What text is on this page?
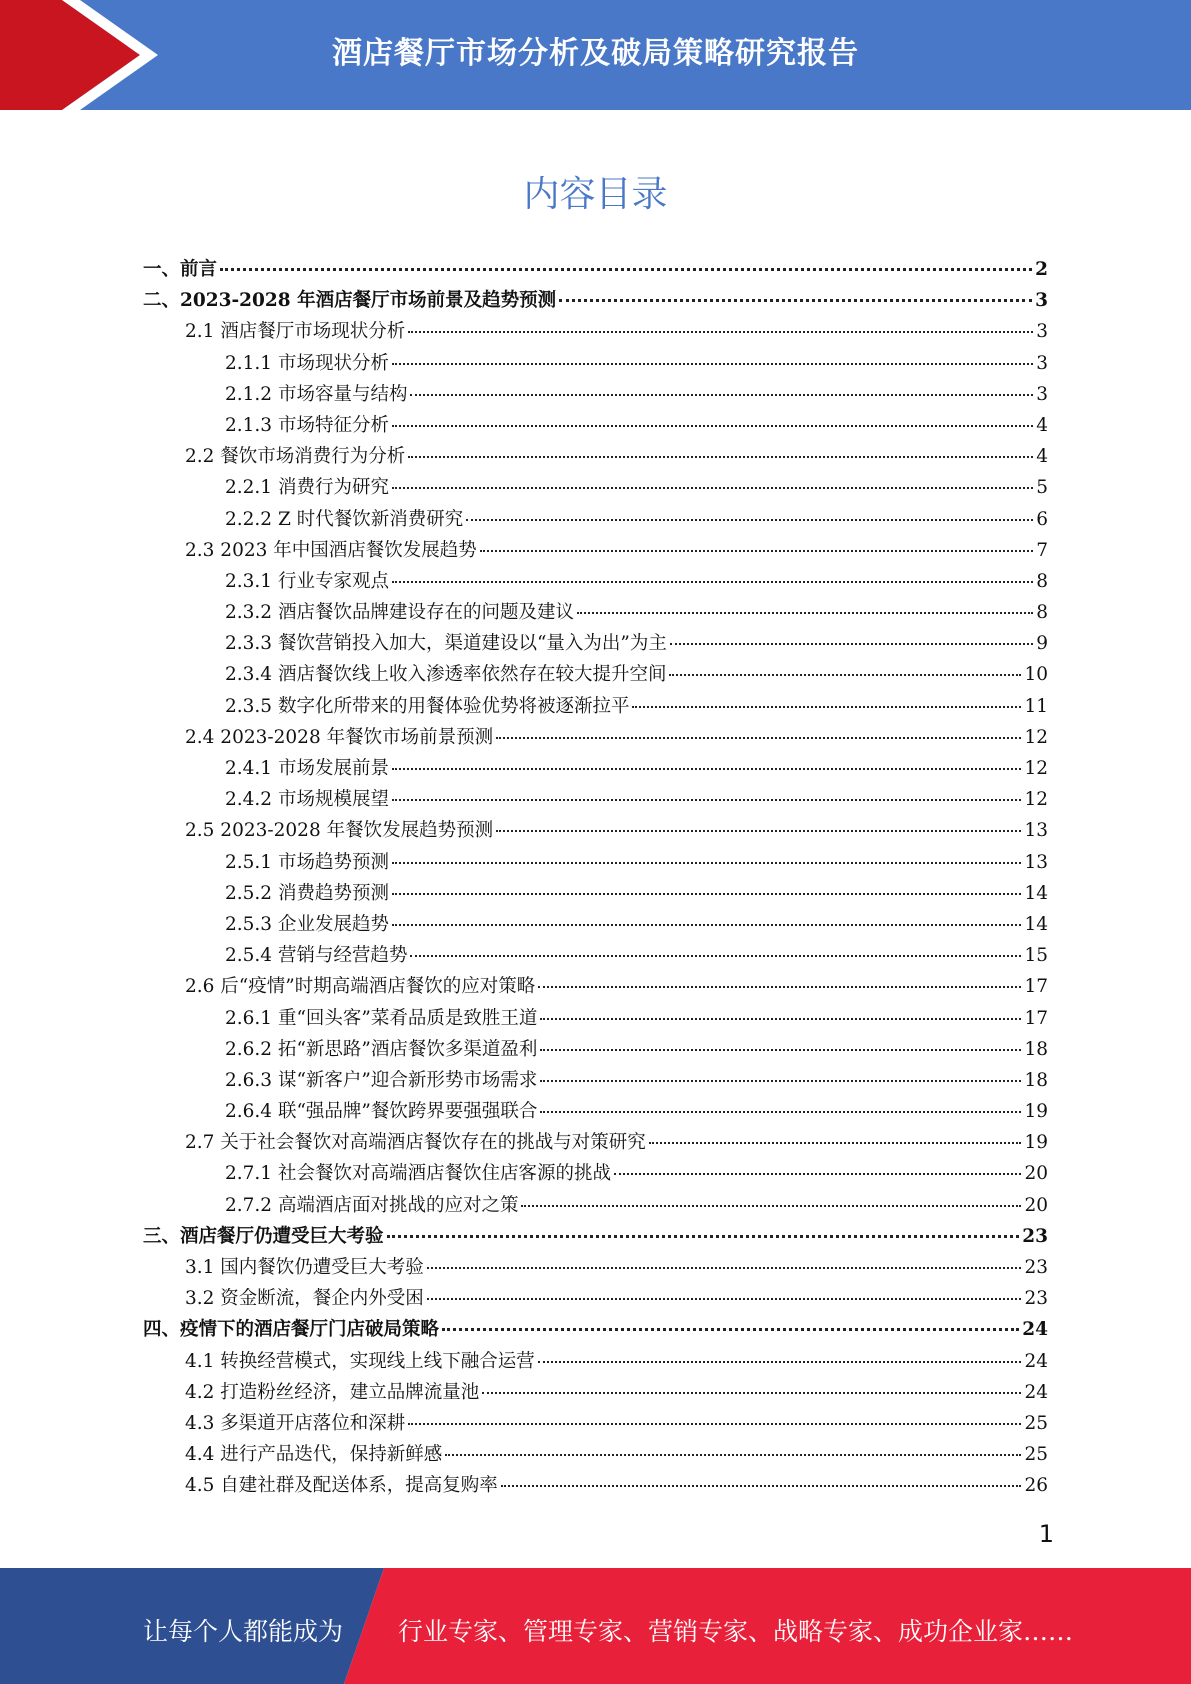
酒店餐厅市场分析及破局策略研究报告
内容目录
一、前言	2
二、2023-2028 年酒店餐厅市场前景及趋势预测	3
2.1 酒店餐厅市场现状分析	3
2.1.1 市场现状分析	3
2.1.2 市场容量与结构	3
2.1.3 市场特征分析	4
2.2 餐饮市场消费行为分析	4
2.2.1 消费行为研究	5
2.2.2 Z 时代餐饮新消费研究	6
2.3 2023 年中国酒店餐饮发展趋势	7
2.3.1 行业专家观点	8
2.3.2 酒店餐饮品牌建设存在的问题及建议	8
2.3.3 餐饮营销投入加大，渠道建设以“量入为出”为主	9
2.3.4 酒店餐饮线上收入渗透率依然存在较大提升空间	10
2.3.5 数字化所带来的用餐体验优势将被逐渐拉平	11
2.4 2023-2028 年餐饮市场前景预测	12
2.4.1 市场发展前景	12
2.4.2 市场规模展望	12
2.5 2023-2028 年餐饮发展趋势预测	13
2.5.1 市场趋势预测	13
2.5.2 消费趋势预测	14
2.5.3 企业发展趋势	14
2.5.4 营销与经营趋势	15
2.6 后“疫情”时期高端酒店餐饮的应对策略	17
2.6.1 重“回头客”菜肴品质是致胜王道	17
2.6.2 拓“新思路”酒店餐饮多渠道盈利	18
2.6.3 谋“新客户”迎合新形势市场需求	18
2.6.4 联“强品牌”餐饮跨界要强强联合	19
2.7 关于社会餐饮对高端酒店餐饮存在的挑战与对策研究	19
2.7.1 社会餐饮对高端酒店餐饮住店客源的挑战	20
2.7.2 高端酒店面对挑战的应对之策	20
三、酒店餐厅仍遭受巨大考验	23
3.1 国内餐饮仍遭受巨大考验	23
3.2 资金断流，餐企内外受困	23
四、疫情下的酒店餐厅门店破局策略	24
4.1 转换经营模式，实现线上线下融合运营	24
4.2 打造粉丝经济，建立品牌流量池	24
4.3 多渠道开店落位和深耕	25
4.4 进行产品迭代，保持新鲜感	25
4.5 自建社群及配送体系，提高复购率	26
1
让每个人都能成为 行业专家、管理专家、营销专家、战略专家、成功企业家……
